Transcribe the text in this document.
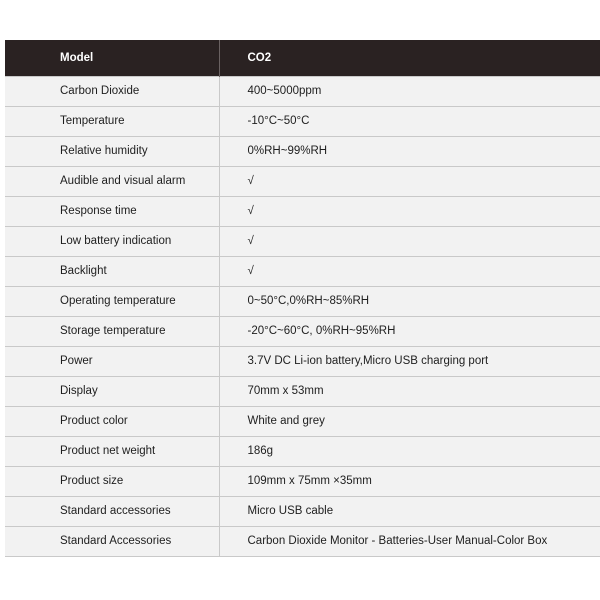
Model	CO2
Carbon Dioxide	400~5000ppm
Temperature	-10°C~50°C
Relative humidity	0%RH~99%RH
Audible and visual alarm	√
Response time	√
Low battery indication	√
Backlight	√
Operating temperature	0~50°C,0%RH~85%RH
Storage temperature	-20°C~60°C, 0%RH~95%RH
Power	3.7V DC Li-ion battery,Micro USB charging port
Display	70mm x 53mm
Product color	White and grey
Product net weight	186g
Product size	109mm x 75mm ×35mm
Standard accessories	Micro USB cable
Standard Accessories	Carbon Dioxide Monitor - Batteries-User Manual-Color Box
